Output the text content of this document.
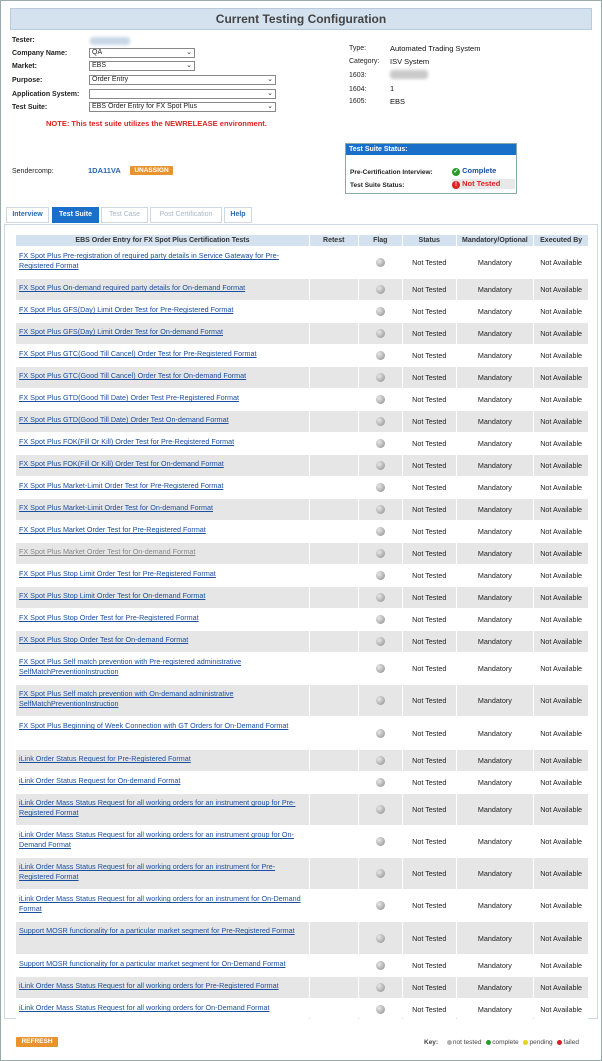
Current Testing Configuration
Tester:
Company Name:	QA	⌄
Market:	EBS	⌄
Purpose:	Order Entry	⌄
Application System:	⌄
Test Suite:	EBS Order Entry for FX Spot Plus	⌄
NOTE: This test suite utilizes the NEWRELEASE environment.
Type:	Automated Trading System
Category: ISV System
1603:
1604:	1
1605:	EBS
Sendercomp:	1DA11VA	UNASSIGN
Test Suite Status:
Pre-Certification Interview:	✓ Complete
Test Suite Status:	! Not Tested
Interview	Test Suite	Test Case	Post Certification	Help
EBS Order Entry for FX Spot Plus Certification Tests	Retest	Flag	Status	Mandatory/Optional	Executed By
FX Spot Plus Pre-registration of required party details in Service Gateway for Pre-Registered Format			Not Tested	Mandatory	Not Available
FX Spot Plus On-demand required party details for On-demand Format			Not Tested	Mandatory	Not Available
FX Spot Plus GFS(Day) Limit Order Test for Pre-Registered Format			Not Tested	Mandatory	Not Available
FX Spot Plus GFS(Day) Limit Order Test for On-demand Format			Not Tested	Mandatory	Not Available
FX Spot Plus GTC(Good Till Cancel) Order Test for Pre-Registered Format			Not Tested	Mandatory	Not Available
FX Spot Plus GTC(Good Till Cancel) Order Test for On-demand Format			Not Tested	Mandatory	Not Available
FX Spot Plus GTD(Good Till Date) Order Test Pre-Registered Format			Not Tested	Mandatory	Not Available
FX Spot Plus GTD(Good Till Date) Order Test On-demand Format			Not Tested	Mandatory	Not Available
FX Spot Plus FOK(Fill Or Kill) Order Test for Pre-Registered Format			Not Tested	Mandatory	Not Available
FX Spot Plus FOK(Fill Or Kill) Order Test for On-demand Format			Not Tested	Mandatory	Not Available
FX Spot Plus Market-Limit Order Test for Pre-Registered Format			Not Tested	Mandatory	Not Available
FX Spot Plus Market-Limit Order Test for On-demand Format			Not Tested	Mandatory	Not Available
FX Spot Plus Market Order Test for Pre-Registered Format			Not Tested	Mandatory	Not Available
FX Spot Plus Market Order Test for On-demand Format			Not Tested	Mandatory	Not Available
FX Spot Plus Stop Limit Order Test for Pre-Registered Format			Not Tested	Mandatory	Not Available
FX Spot Plus Stop Limit Order Test for On-demand Format			Not Tested	Mandatory	Not Available
FX Spot Plus Stop Order Test for Pre-Registered Format			Not Tested	Mandatory	Not Available
FX Spot Plus Stop Order Test for On-demand Format			Not Tested	Mandatory	Not Available
FX Spot Plus Self match prevention with Pre-registered administrative SelfMatchPreventionInstruction			Not Tested	Mandatory	Not Available
FX Spot Plus Self match prevention with On-demand administrative SelfMatchPreventionInstruction			Not Tested	Mandatory	Not Available
FX Spot Plus Beginning of Week Connection with GT Orders for On-Demand Format			Not Tested	Mandatory	Not Available
iLink Order Status Request for Pre-Registered Format			Not Tested	Mandatory	Not Available
iLink Order Status Request for On-demand Format			Not Tested	Mandatory	Not Available
iLink Order Mass Status Request for all working orders for an instrument group for Pre-Registered Format			Not Tested	Mandatory	Not Available
iLink Order Mass Status Request for all working orders for an instrument group for On-Demand Format			Not Tested	Mandatory	Not Available
iLink Order Mass Status Request for all working orders for an instrument for Pre-Registered Format			Not Tested	Mandatory	Not Available
iLink Order Mass Status Request for all working orders for an instrument for On-Demand Format			Not Tested	Mandatory	Not Available
Support MOSR functionality for a particular market segment for Pre-Registered Format			Not Tested	Mandatory	Not Available
Support MOSR functionality for a particular market segment for On-Demand Format			Not Tested	Mandatory	Not Available
iLink Order Mass Status Request for all working orders for Pre-Registered Format			Not Tested	Mandatory	Not Available
iLink Order Mass Status Request for all working orders for On-Demand Format			Not Tested	Mandatory	Not Available
REFRESH	Key: not tested complete pending failed
